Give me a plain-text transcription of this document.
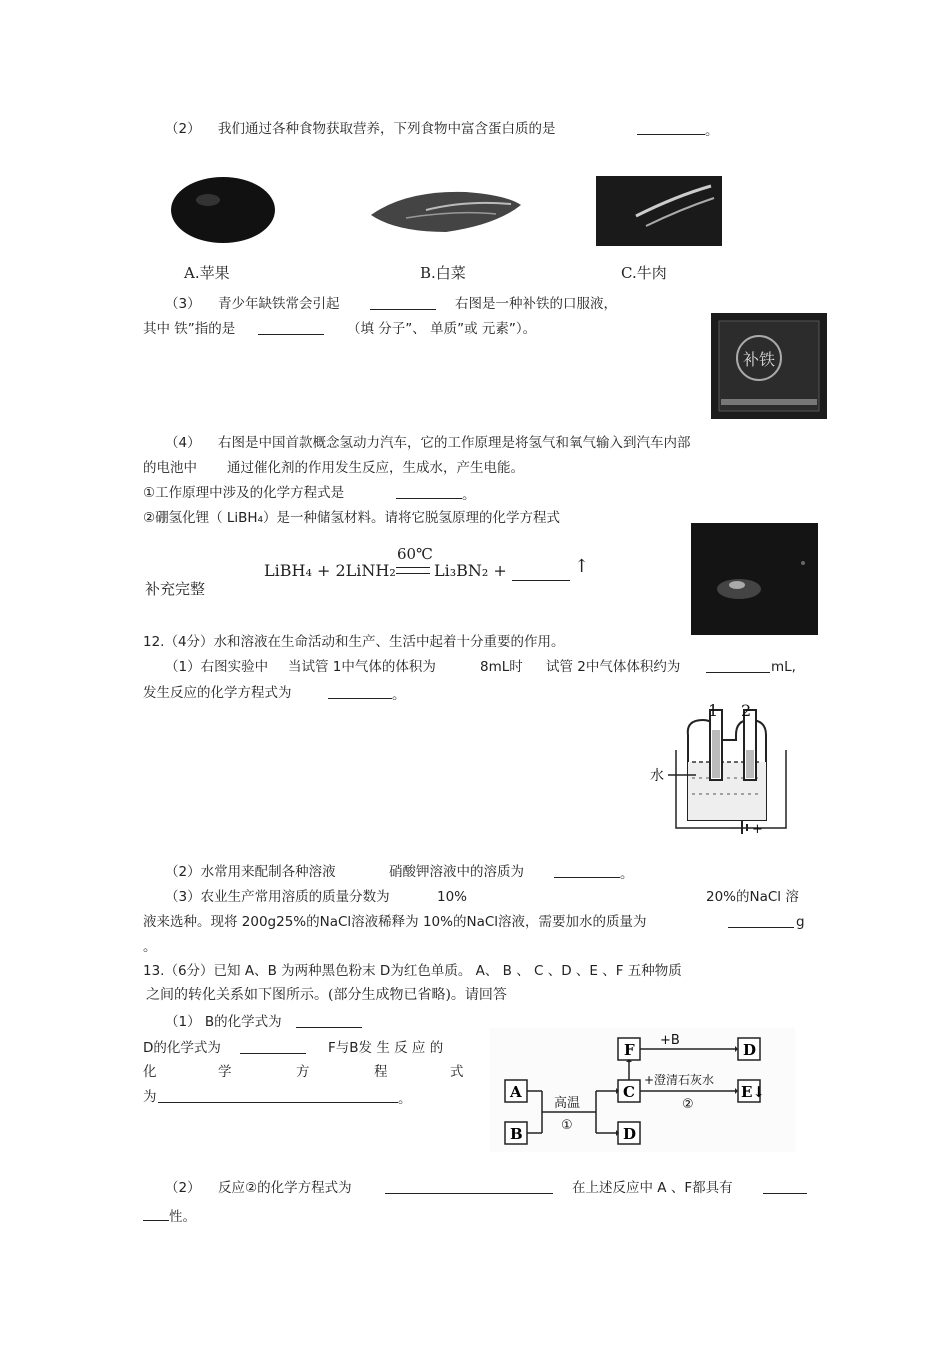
（2） 我们通过各种食物获取营养，下列食物中富含蛋白质的是	。
A.苹果	B.白菜	C.牛肉
（3） 青少年缺铁常会引起	右图是一种补铁的口服液，
其中 铁”指的是	（填 分子”、 单质”或 元素”）。
补铁
（4） 右图是中国首款概念氢动力汽车，它的工作原理是将氢气和氧气输入到汽车内部
的电池中 通过催化剂的作用发生反应，生成水，产生电能。
①工作原理中涉及的化学方程式是	。
②硼氢化锂（ LiBH₄）是一种储氢材料。请将它脱氢原理的化学方程式
LiBH₄ + 2LiNH₂
60℃
Li₃BN₂ +	↑
补充完整
12.（4分）水和溶液在生命活动和生产、生活中起着十分重要的作用。
（1）右图实验中 当试管 1中气体的体积为	8mL时 试管 2中气体体积约为	mL,
发生反应的化学方程式为	。
1 2
水
－ +
（2）水常用来配制各种溶液	硝酸钾溶液中的溶质为	。
（3）农业生产常用溶质的质量分数为	10%	20%的NaCl 溶
液来选种。现将 200g25%的NaCl溶液稀释为 10%的NaCl溶液，需要加水的质量为	g
。
13.（6分）已知 A、B 为两种黑色粉末 D为红色单质。 A、 B 、 C 、D 、E 、F 五种物质
之间的转化关系如下图所示。(部分生成物已省略)。请回答
（1） B的化学式为
D的化学式为	F与B发 生 反 应 的
化	学	方	程	式
为	。	A
B
C
D
F	D
E↓
高温
①
+B
+澄清石灰水
②
（2） 反应②的化学方程式为	在上述反应中 A 、F都具有
性。
